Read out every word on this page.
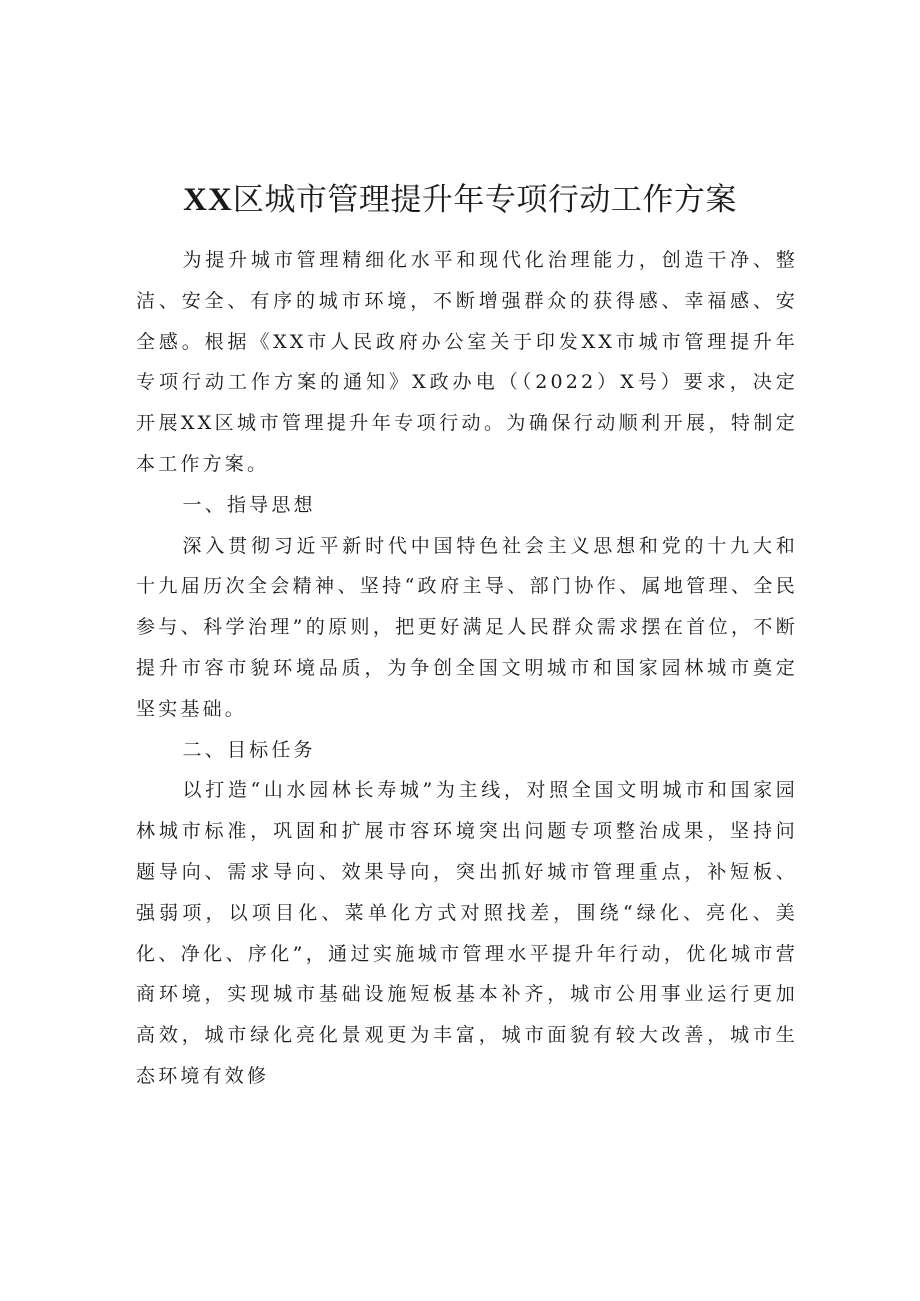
XX区城市管理提升年专项行动工作方案

为提升城市管理精细化水平和现代化治理能力，创造干净、整洁、安全、有序的城市环境，不断增强群众的获得感、幸福感、安全感。根据《XX市人民政府办公室关于印发XX市城市管理提升年专项行动工作方案的通知》X政办电（（2022）X号）要求，决定开展XX区城市管理提升年专项行动。为确保行动顺利开展，特制定本工作方案。

一、指导思想

深入贯彻习近平新时代中国特色社会主义思想和党的十九大和十九届历次全会精神、坚持“政府主导、部门协作、属地管理、全民参与、科学治理”的原则，把更好满足人民群众需求摆在首位，不断提升市容市貌环境品质，为争创全国文明城市和国家园林城市奠定坚实基础。

二、目标任务

以打造“山水园林长寿城”为主线，对照全国文明城市和国家园林城市标准，巩固和扩展市容环境突出问题专项整治成果，坚持问题导向、需求导向、效果导向，突出抓好城市管理重点，补短板、强弱项，以项目化、菜单化方式对照找差，围绕“绿化、亮化、美化、净化、序化”，通过实施城市管理水平提升年行动，优化城市营商环境，实现城市基础设施短板基本补齐，城市公用事业运行更加高效，城市绿化亮化景观更为丰富，城市面貌有较大改善，城市生态环境有效修
